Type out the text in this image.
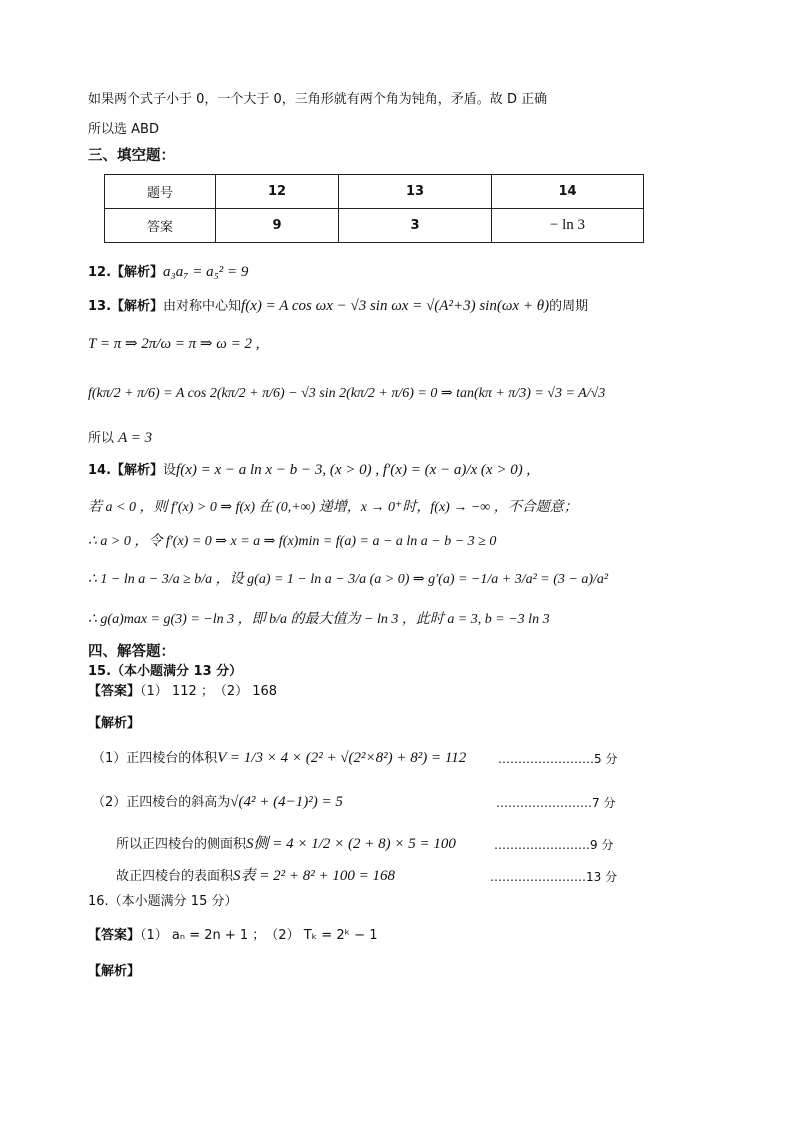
如果两个式子小于 0，一个大于 0，三角形就有两个角为钝角，矛盾。故 D 正确
所以选 ABD
三、填空题：
题号	12	13	14
答案	9	3	− ln 3
12.【解析】a₃a₇ = a₅² = 9
13.【解析】由对称中心知f(x) = A cos ωx − √3 sin ωx = √(A²+3) sin(ωx + θ)的周期
T = π ⇒ 2π/ω = π ⇒ ω = 2 ,
f(kπ/2 + π/6) = A cos 2(kπ/2 + π/6) − √3 sin 2(kπ/2 + π/6) = 0 ⇒ tan(kπ + π/3) = √3 = A/√3
所以 A = 3
14.【解析】设f(x) = x − a ln x − b − 3, (x > 0) , f′(x) = (x − a)/x (x > 0) ,
若 a < 0 ，则 f′(x) > 0 ⇒ f(x) 在 (0,+∞) 递增，x → 0⁺时，f(x) → −∞ ，不合题意；
∴ a > 0 ，令 f′(x) = 0 ⇒ x = a ⇒ f(x)min = f(a) = a − a ln a − b − 3 ≥ 0
∴ 1 − ln a − 3/a ≥ b/a ，设 g(a) = 1 − ln a − 3/a (a > 0) ⇒ g′(a) = −1/a + 3/a² = (3 − a)/a²
∴ g(a)max = g(3) = −ln 3 ，即 b/a 的最大值为 − ln 3 ，此时 a = 3, b = −3 ln 3
四、解答题：
15.（本小题满分 13 分）
【答案】（1） 112 ；　（2） 168
【解析】
（1）正四棱台的体积V = 1/3 × 4 × (2² + √(2²×8²) + 8²) = 112	……………………5 分
（2）正四棱台的斜高为√(4² + (4−1)²) = 5	……………………7 分
所以正四棱台的侧面积S侧 = 4 × 1/2 × (2 + 8) × 5 = 100	……………………9 分
故正四棱台的表面积S表 = 2² + 8² + 100 = 168	……………………13 分
16.（本小题满分 15 分）
【答案】（1） aₙ = 2n + 1 ；　（2） Tₖ = 2ᵏ − 1
【解析】
